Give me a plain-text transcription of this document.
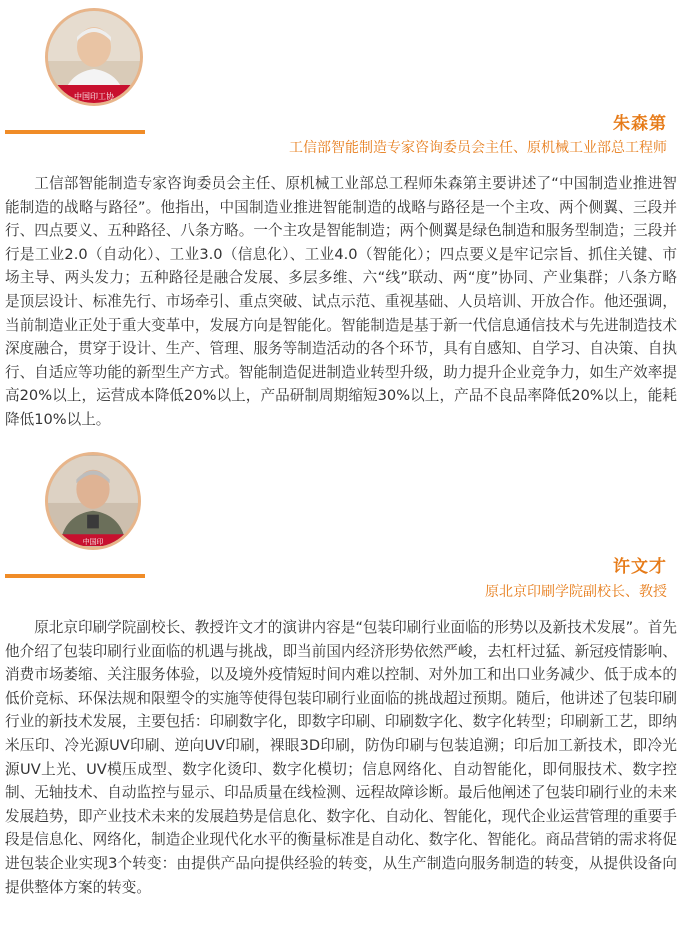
中国印工协
朱森第
工信部智能制造专家咨询委员会主任、原机械工业部总工程师

工信部智能制造专家咨询委员会主任、原机械工业部总工程师朱森第主要讲述了“中国制造业推进智能制造的战略与路径”。他指出，中国制造业推进智能制造的战略与路径是一个主攻、两个侧翼、三段并行、四点要义、五种路径、八条方略。一个主攻是智能制造；两个侧翼是绿色制造和服务型制造；三段并行是工业2.0（自动化）、工业3.0（信息化）、工业4.0（智能化）；四点要义是牢记宗旨、抓住关键、市场主导、两头发力；五种路径是融合发展、多层多维、六“线”联动、两“度”协同、产业集群；八条方略是顶层设计、标准先行、市场牵引、重点突破、试点示范、重视基础、人员培训、开放合作。他还强调，当前制造业正处于重大变革中，发展方向是智能化。智能制造是基于新一代信息通信技术与先进制造技术深度融合，贯穿于设计、生产、管理、服务等制造活动的各个环节，具有自感知、自学习、自决策、自执行、自适应等功能的新型生产方式。智能制造促进制造业转型升级，助力提升企业竞争力，如生产效率提高20%以上，运营成本降低20%以上，产品研制周期缩短30%以上，产品不良品率降低20%以上，能耗降低10%以上。

中国印
许文才
原北京印刷学院副校长、教授

原北京印刷学院副校长、教授许文才的演讲内容是“包装印刷行业面临的形势以及新技术发展”。首先他介绍了包装印刷行业面临的机遇与挑战，即当前国内经济形势依然严峻，去杠杆过猛、新冠疫情影响、消费市场萎缩、关注服务体验，以及境外疫情短时间内难以控制、对外加工和出口业务减少、低于成本的低价竞标、环保法规和限塑令的实施等使得包装印刷行业面临的挑战超过预期。随后，他讲述了包装印刷行业的新技术发展，主要包括：印刷数字化，即数字印刷、印刷数字化、数字化转型；印刷新工艺，即纳米压印、冷光源UV印刷、逆向UV印刷，裸眼3D印刷，防伪印刷与包装追溯；印后加工新技术，即冷光源UV上光、UV模压成型、数字化烫印、数字化模切；信息网络化、自动智能化，即伺服技术、数字控制、无轴技术、自动监控与显示、印品质量在线检测、远程故障诊断。最后他阐述了包装印刷行业的未来发展趋势，即产业技术未来的发展趋势是信息化、数字化、自动化、智能化，现代企业运营管理的重要手段是信息化、网络化，制造企业现代化水平的衡量标准是自动化、数字化、智能化。商品营销的需求将促进包装企业实现3个转变：由提供产品向提供经验的转变，从生产制造向服务制造的转变，从提供设备向提供整体方案的转变。
